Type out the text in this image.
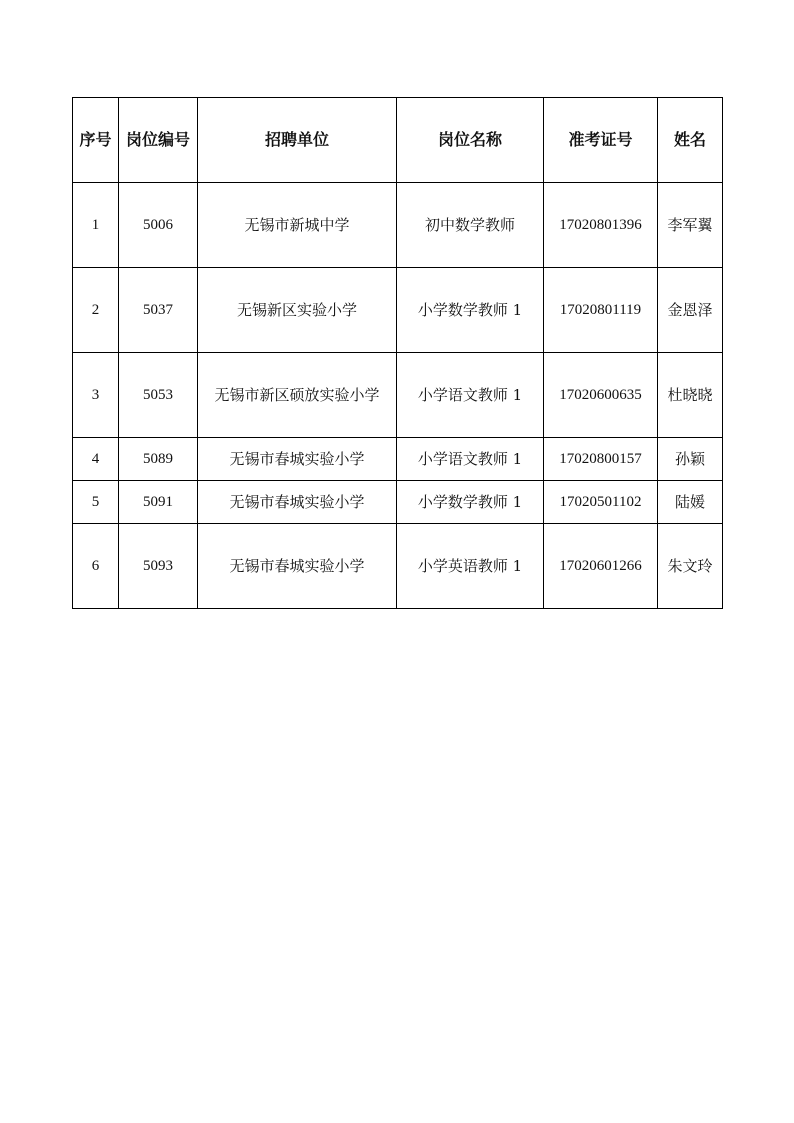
序号	岗位编号	招聘单位	岗位名称	准考证号	姓名
1	5006	无锡市新城中学	初中数学教师	17020801396	李军翼
2	5037	无锡新区实验小学	小学数学教师 1	17020801119	金恩泽
3	5053	无锡市新区硕放实验小学	小学语文教师 1	17020600635	杜晓晓
4	5089	无锡市春城实验小学	小学语文教师 1	17020800157	孙颖
5	5091	无锡市春城实验小学	小学数学教师 1	17020501102	陆媛
6	5093	无锡市春城实验小学	小学英语教师 1	17020601266	朱文玲
